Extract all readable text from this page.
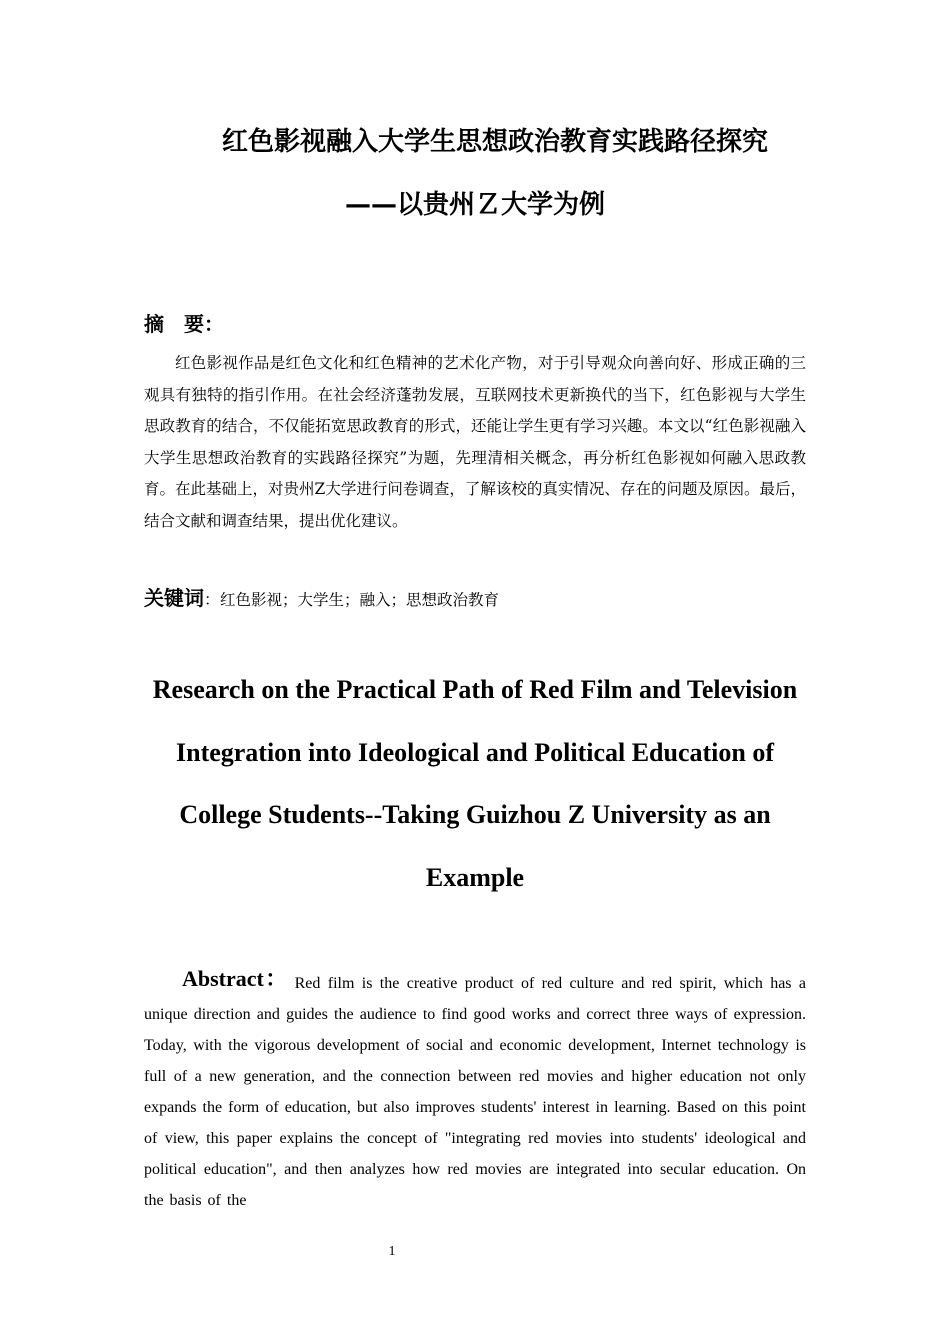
红色影视融入大学生思想政治教育实践路径探究
——以贵州Ｚ大学为例
摘　要：

红色影视作品是红色文化和红色精神的艺术化产物，对于引导观众向善向好、形成正确的三观具有独特的指引作用。在社会经济蓬勃发展，互联网技术更新换代的当下，红色影视与大学生思政教育的结合，不仅能拓宽思政教育的形式，还能让学生更有学习兴趣。本文以“红色影视融入大学生思想政治教育的实践路径探究”为题，先理清相关概念，再分析红色影视如何融入思政教育。在此基础上，对贵州Z大学进行问卷调查，了解该校的真实情况、存在的问题及原因。最后，结合文献和调查结果，提出优化建议。

关键词：红色影视；大学生；融入；思想政治教育
Research on the Practical Path of Red Film and Television Integration into Ideological and Political Education of College Students--Taking Guizhou Z University as an Example

Abstract： Red film is the creative product of red culture and red spirit, which has a unique direction and guides the audience to find good works and correct three ways of expression. Today, with the vigorous development of social and economic development, Internet technology is full of a new generation, and the connection between red movies and higher education not only expands the form of education, but also improves students' interest in learning. Based on this point of view, this paper explains the concept of "integrating red movies into students' ideological and political education", and then analyzes how red movies are integrated into secular education. On the basis of the

1
